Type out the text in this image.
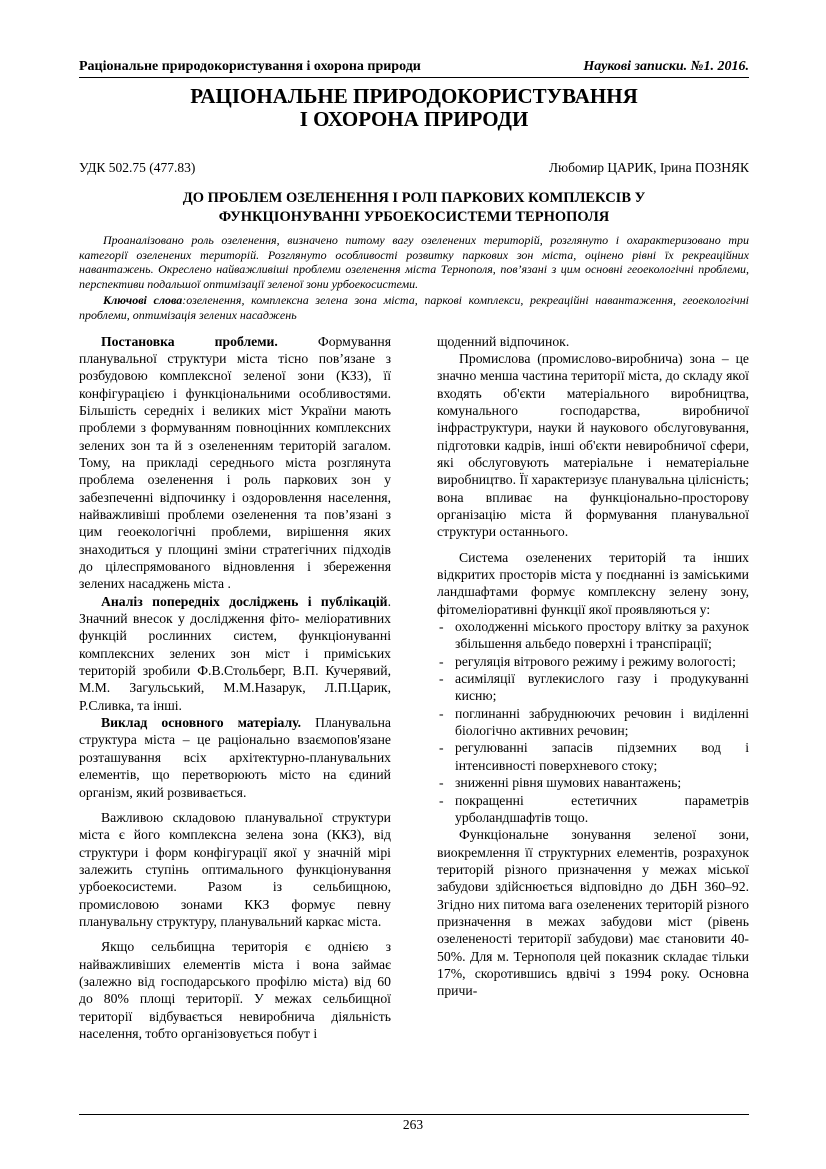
Раціональне природокористування і охорона природи	Наукові записки. №1. 2016.
РАЦІОНАЛЬНЕ ПРИРОДОКОРИСТУВАННЯ
І ОХОРОНА ПРИРОДИ
УДК 502.75 (477.83)	Любомир ЦАРИК, Ірина ПОЗНЯК
ДО ПРОБЛЕМ ОЗЕЛЕНЕННЯ І РОЛІ ПАРКОВИХ КОМПЛЕКСІВ У
ФУНКЦІОНУВАННІ УРБОЕКОСИСТЕМИ ТЕРНОПОЛЯ
Проаналізовано роль озеленення, визначено питому вагу озеленених територій, розглянуто і охарактеризовано три категорії озеленених територій. Розглянуто особливості розвитку паркових зон міста, оцінено рівні їх рекреаційних навантажень. Окреслено найважливіші проблеми озеленення міста Тернополя, пов’язані з цим основні геоекологічні проблеми, перспективи подальшої оптимізації зеленої зони урбоекосистеми.
Ключові слова:озеленення, комплексна зелена зона міста, паркові комплекси, рекреаційні навантаження, геоекологічні проблеми, оптимізація зелених насаджень

Постановка проблеми. Формування планувальної структури міста тісно пов’язане з розбудовою комплексної зеленої зони (КЗЗ), її конфігурацією і функціональними особливостями. Більшість середніх і великих міст України мають проблеми з формуванням повноцінних комплексних зелених зон та й з озелененням територій загалом. Тому, на прикладі середнього міста розглянута проблема озеленення і роль паркових зон у забезпеченні відпочинку і оздоровлення населення, найважливіші проблеми озеленення та пов’язані з цим геоекологічні проблеми, вирішення яких знаходиться у площині зміни стратегічних підходів до цілеспрямованого відновлення і збереження зелених насаджень міста .

Аналіз попередніх досліджень і публікацій. Значний внесок у дослідження фіто- меліоративних функцій рослинних систем, функціонуванні комплексних зелених зон міст і приміських територій зробили Ф.В.Стольберг, В.П. Кучерявий, М.М. Загульський, М.М.Назарук, Л.П.Царик, Р.Сливка, та інші.

Виклад основного матеріалу. Планувальна структура міста – це раціонально взаємопов'язане розташування всіх архітектурно-планувальних елементів, що перетворюють місто на єдиний організм, який розвивається.

Важливою складовою планувальної структури міста є його комплексна зелена зона (ККЗ), від структури і форм конфігурації якої у значній мірі залежить ступінь оптимального функціонування урбоекосистеми. Разом із сельбищною, промисловою зонами ККЗ формує певну планувальну структуру, планувальний каркас міста.

Якщо сельбищна територія є однією з найважливіших елементів міста і вона займає (залежно від господарського профілю міста) від 60 до 80% площі території. У межах сельбищної території відбувається невиробнича діяльність населення, тобто організовується побут і

щоденний відпочинок.

Промислова (промислово-виробнича) зона – це значно менша частина території міста, до складу якої входять об'єкти матеріального виробництва, комунального господарства, виробничої інфраструктури, науки й наукового обслуговування, підготовки кадрів, інші об'єкти невиробничої сфери, які обслуговують матеріальне і нематеріальне виробництво. Її характеризує планувальна цілісність; вона впливає на функціонально-просторову організацію міста й формування планувальної структури останнього.

Система озеленених територій та інших відкритих просторів міста у поєднанні із заміськими ландшафтами формує комплексну зелену зону, фітомеліоративні функції якої проявляються у:

- охолодженні міського простору влітку за рахунок збільшення альбедо поверхні і транспірації;
- регуляція вітрового режиму і режиму вологості;
- асиміляції вуглекислого газу і продукуванні кисню;
- поглинанні забруднюючих речовин і виділенні біологічно активних речовин;
- регулюванні запасів підземних вод і інтенсивності поверхневого стоку;
- зниженні рівня шумових навантажень;
- покращенні естетичних параметрів урболандшафтів тощо.

Функціональне зонування зеленої зони, виокремлення її структурних елементів, розрахунок територій різного призначення у межах міської забудови здійснюється відповідно до ДБН 360–92. Згідно них питома вага озеленених територій різного призначення в межах забудови міст (рівень озелененості території забудови) має становити 40-50%. Для м. Тернополя цей показник складає тільки 17%, скоротившись вдвічі з 1994 року. Основна причи-

263
